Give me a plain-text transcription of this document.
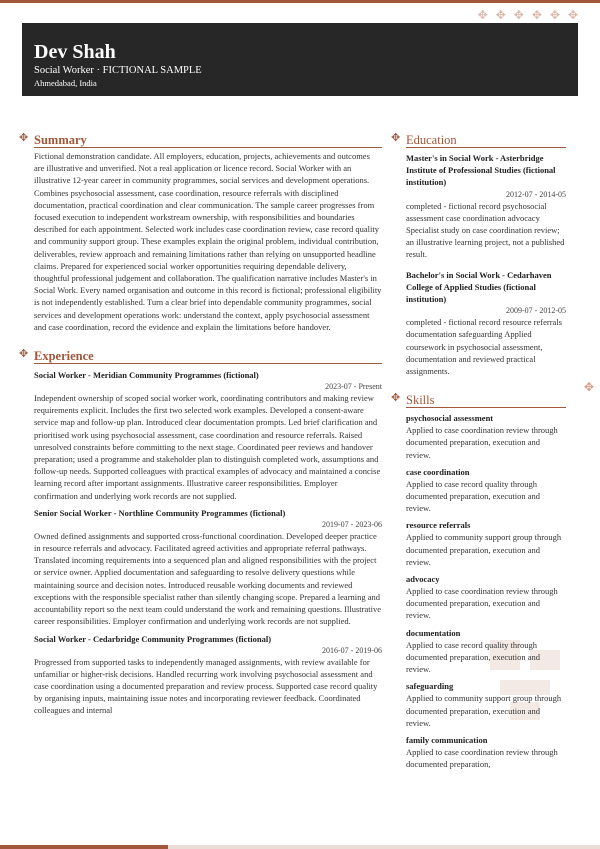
✥ ✥ ✥ ✥ ✥ ✥
✥
Dev Shah
Social Worker · FICTIONAL SAMPLE
Ahmedabad, India
✥ Summary

Fictional demonstration candidate. All employers, education, projects, achievements and outcomes are illustrative and unverified. Not a real application or licence record. Social Worker with an illustrative 12-year career in community programmes, social services and development operations. Combines psychosocial assessment, case coordination, resource referrals with disciplined documentation, practical coordination and clear communication. The sample career progresses from focused execution to independent workstream ownership, with responsibilities and boundaries described for each appointment. Selected work includes case coordination review, case record quality and community support group. These examples explain the original problem, individual contribution, deliverables, review approach and remaining limitations rather than relying on unsupported headline claims. Prepared for experienced social worker opportunities requiring dependable delivery, thoughtful professional judgement and collaboration. The qualification narrative includes Master's in Social Work. Every named organisation and outcome in this record is fictional; professional eligibility is not independently established. Turn a clear brief into dependable community programmes, social services and development operations work: understand the context, apply psychosocial assessment and case coordination, record the evidence and explain the limitations before handover.

✥ Experience
Social Worker - Meridian Community Programmes (fictional)
2023-07 - Present

Independent ownership of scoped social worker work, coordinating contributors and making review requirements explicit. Includes the first two selected work examples. Developed a consent-aware service map and follow-up plan. Introduced clear documentation prompts. Led brief clarification and prioritised work using psychosocial assessment, case coordination and resource referrals. Raised unresolved constraints before committing to the next stage. Coordinated peer reviews and handover preparation; used a programme and stakeholder plan to distinguish completed work, assumptions and follow-up needs. Supported colleagues with practical examples of advocacy and maintained a concise learning record after important assignments. Illustrative career responsibilities. Employer confirmation and underlying work records are not supplied.

Senior Social Worker - Northline Community Programmes (fictional)
2019-07 - 2023-06

Owned defined assignments and supported cross-functional coordination. Developed deeper practice in resource referrals and advocacy. Facilitated agreed activities and appropriate referral pathways. Translated incoming requirements into a sequenced plan and aligned responsibilities with the project or service owner. Applied documentation and safeguarding to resolve delivery questions while maintaining source and decision notes. Introduced reusable working documents and reviewed exceptions with the responsible specialist rather than silently changing scope. Prepared a learning and accountability report so the next team could understand the work and remaining questions. Illustrative career responsibilities. Employer confirmation and underlying work records are not supplied.

Social Worker - Cedarbridge Community Programmes (fictional)
2016-07 - 2019-06

Progressed from supported tasks to independently managed assignments, with review available for unfamiliar or higher-risk decisions. Handled recurring work involving psychosocial assessment and case coordination using a documented preparation and review process. Supported case record quality by organising inputs, maintaining issue notes and incorporating reviewer feedback. Coordinated colleagues and internal

✥ Education
Master's in Social Work - Asterbridge Institute of Professional Studies (fictional institution)
2012-07 - 2014-05

completed - fictional record psychosocial assessment case coordination advocacy Specialist study on case coordination review; an illustrative learning project, not a published result.

Bachelor's in Social Work - Cedarhaven College of Applied Studies (fictional institution)
2009-07 - 2012-05

completed - fictional record resource referrals documentation safeguarding Applied coursework in psychosocial assessment, documentation and reviewed practical assignments.

✥ Skills
psychosocial assessment

Applied to case coordination review through documented preparation, execution and review.

case coordination

Applied to case record quality through documented preparation, execution and review.

resource referrals

Applied to community support group through documented preparation, execution and review.

advocacy

Applied to case coordination review through documented preparation, execution and review.

documentation

Applied to case record quality through documented preparation, execution and review.

safeguarding

Applied to community support group through documented preparation, execution and review.

family communication

Applied to case coordination review through documented preparation,
